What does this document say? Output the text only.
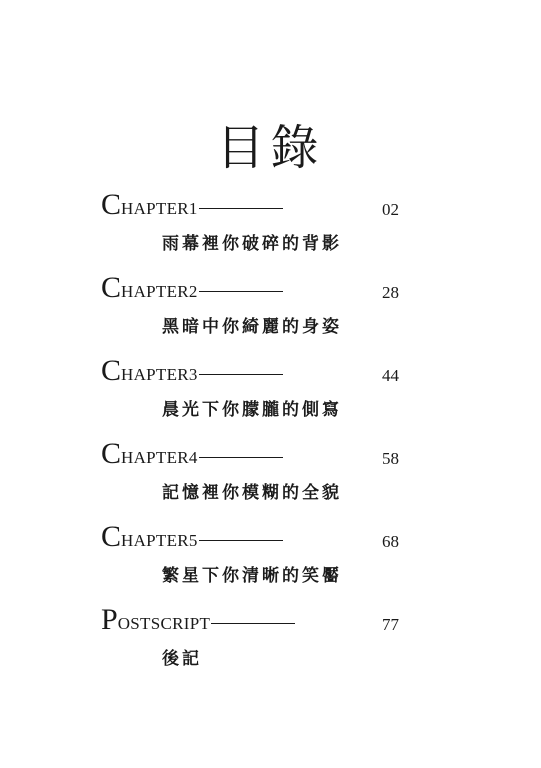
目錄
C HAPTER1	02
雨幕裡你破碎的背影
C HAPTER2	28
黑暗中你綺麗的身姿
C HAPTER3	44
晨光下你朦朧的側寫
C HAPTER4	58
記憶裡你模糊的全貌
C HAPTER5	68
繁星下你清晰的笑靨
P OSTSCRIPT	77
後記
